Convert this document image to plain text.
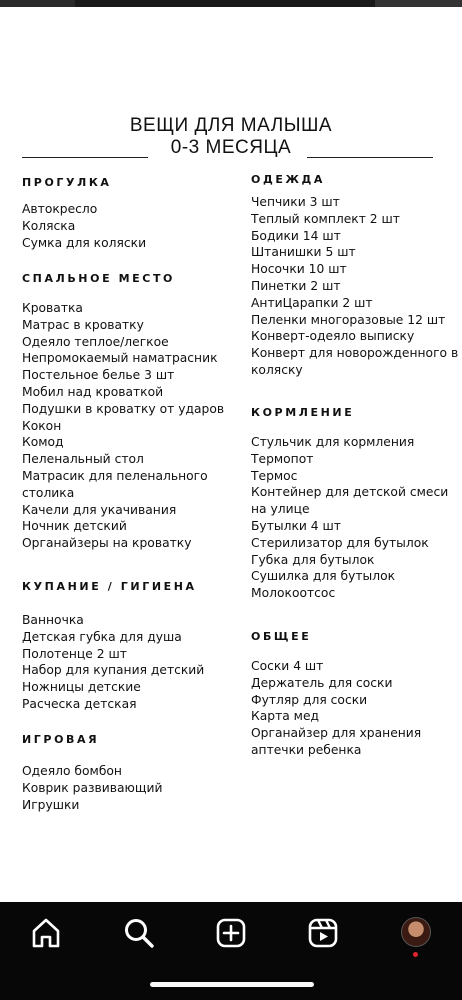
ВЕЩИ ДЛЯ МАЛЫША
0-3 МЕСЯЦА
ПРОГУЛКА
Автокресло
Коляска
Сумка для коляски
СПАЛЬНОЕ МЕСТО
Кроватка
Матрас в кроватку
Одеяло теплое/легкое
Непромокаемый наматрасник
Постельное белье 3 шт
Мобил над кроваткой
Подушки в кроватку от ударов
Кокон
Комод
Пеленальный стол
Матрасик для пеленального столика
Качели для укачивания
Ночник детский
Органайзеры на кроватку
КУПАНИЕ / ГИГИЕНА
Ванночка
Детская губка для душа
Полотенце 2 шт
Набор для купания детский
Ножницы детские
Расческа детская
ИГРОВАЯ
Одеяло бомбон
Коврик развивающий
Игрушки
ОДЕЖДА
Чепчики 3 шт
Теплый комплект 2 шт
Бодики 14 шт
Штанишки 5 шт
Носочки 10 шт
Пинетки 2 шт
АнтиЦарапки 2 шт
Пеленки многоразовые 12 шт
Конверт-одеяло выписку
Конверт для новорожденного в коляску
КОРМЛЕНИЕ
Стульчик для кормления
Термопот
Термос
Контейнер для детской смеси на улице
Бутылки 4 шт
Стерилизатор для бутылок
Губка для бутылок
Сушилка для бутылок
Молокоотсос
ОБЩЕЕ
Соски 4 шт
Держатель для соски
Футляр для соски
Карта мед
Органайзер для хранения аптечки ребенка
